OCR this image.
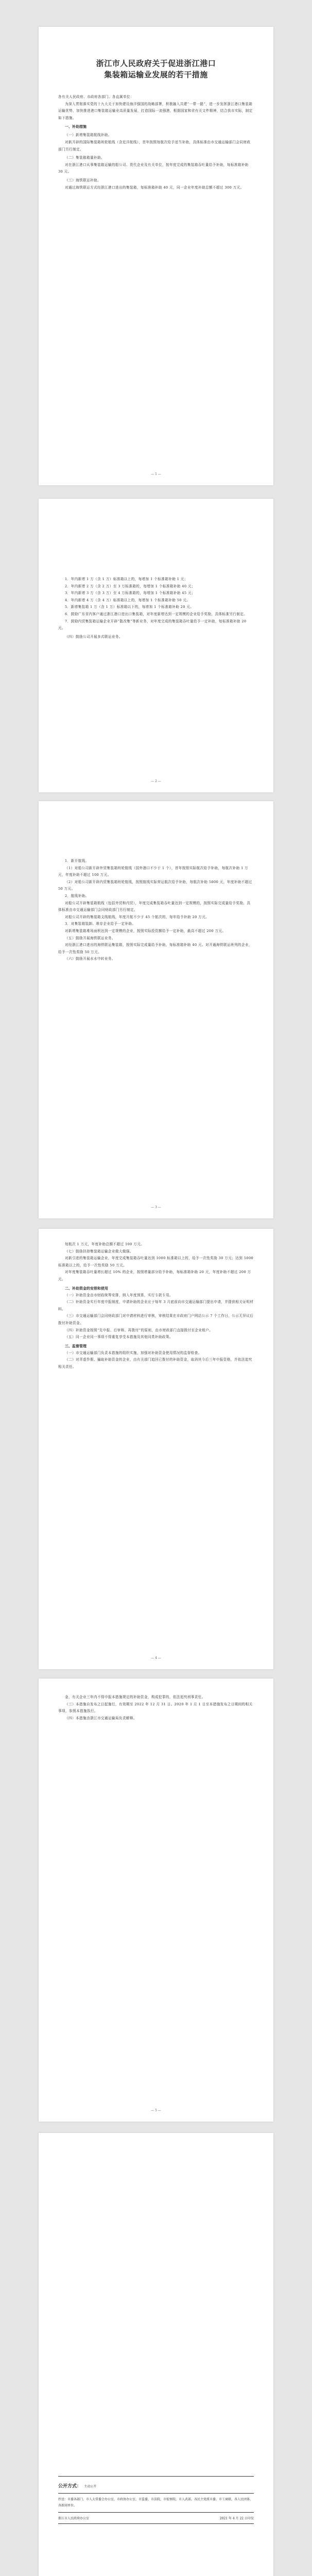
浙江市人民政府关于促进浙江港口

集装箱运输业发展的若干措施

各有关人民政府、市政府各部门、各直属单位：

为深入贯彻落实党的十九大关于加快建设海洋强国的战略部署，积极融入共建“一带一路”，进一步发挥浙江港口集装箱运输优势，加快推进港口集装箱运输业高质量发展，打造国际一流强港，根据国家和省有关文件精神，结合我市实际，制定如下措施。

一、补助措施

（一）新增集装箱航线补助。

对新开辟的国际集装箱班轮航线（含近洋航线），首年按照每航次给予适当补助，具体标准由市交通运输部门会同财政部门另行制定。

（二）集装箱箱量补助。

对在浙江港口从事集装箱运输的船公司、货代企业及有关单位，按年度完成的集装箱吞吐量给予补助，每标准箱补助 30 元。

（三）海铁联运补助。

对通过海铁联运方式经浙江港口进出的集装箱，每标准箱补助 40 元，同一企业年度补助总额不超过 300 万元。

— 1 —

1．年内新增 1 万（含 1 万）标准箱以上的，每增加 1 个标准箱补助 1 元；

2．年内新增 2 万（含 2 万）至 3 万标准箱的，每增加 1 个标准箱补助 40 元；

3．年内新增 3 万（含 3 万）至 4 万标准箱的，每增加 1 个标准箱补助 45 元；

4．年内新增 4 万（含 4 万）标准箱以上的，每增加 1 个标准箱补助 50 元。

5．新增集装箱 1 万（含 1 万）标准箱以下的，每增加 1 个标准箱补助 20 元。

6．鼓励广东省内客户通过浙江港口进出口集装箱，对年度新增达到一定规模的企业给予奖励，具体标准另行制定。

7．鼓励内贸集装箱运输企业开辟“散改集”等新业务，对年度完成的集装箱吞吐量给予一定补助，每标准箱补助 20 元。

（四）鼓励公司开展多式联运业务。

— 2 —

1．新开航线。

（1）对船公司新开辟外贸集装箱班轮航线（国外港口不少于 1 个），首年按照实际航次给予补助，每航次补助 1 万元，年度补助不超过 100 万元。

（2）对船公司新开辟内贸集装箱班轮航线，按照航线实际营运航次给予补助，每航次补助 5000 元，年度补助不超过 50 万元。

2．航线补助。

对船公司开辟集装箱航线（包括外贸和内贸），年度完成集装箱吞吐量达到一定规模的，按照实际完成量给予奖励，具体标准由市交通运输部门会同财政部门另行制定。

对船公司开辟的集装箱支线航线，年度开航不少于 45 个航次的，每年给予补助 20 万元。

3．对集装箱装卸、堆存企业给予一定补助。

对新增集装箱堆场面积达到一定规模的企业，按照实际投资额给予一定补助，最高不超过 200 万元。

（五）鼓励开展海铁联运业务。

对经浙江港口进出的海铁联运集装箱，按照实际完成量给予补助，每标准箱补助 40 元。对开通海铁联运班列的企业，给予一次性奖励 50 万元。

（六）鼓励开展水水中转业务。

— 3 —

每航次 1 万元，年度补助总额不超过 100 万元。

（七）鼓励扶持集装箱运输企业做大做强。

对新引进的集装箱运输企业，年度完成集装箱吞吐量达到 1000 标准箱以上的，给予一次性奖励 30 万元；达到 5000 标准箱以上的，给予一次性奖励 50 万元。

对年度集装箱吞吐量增长超过 10% 的企业，按照增量部分给予补助，每标准箱补助 20 元，年度补助不超过 200 万元。

二、补助资金的安排和使用

（一）补助资金由市财政统筹安排，纳入年度预算，实行专款专用。

（二）补助资金实行年度申报制度，申请补助的企业应于每年 3 月底前向市交通运输部门提出申请，并提供相关证明材料。

（三）市交通运输部门会同财政部门对申请材料进行审核，审核结果在市政府门户网站公示 7 个工作日，公示无异议后拨付补助资金。

（四）补助资金按照“先申报、后审核、再拨付”的原则，由市财政部门直接拨付至企业账户。

（五）同一企业同一事项不得重复享受本措施及其他同类补助政策。

三、监督管理

（一）市交通运输部门负责本措施的组织实施，加强对补助资金使用情况的监督检查。

（二）对弄虚作假、骗取补助资金的企业，由有关部门追回已拨付的补助资金，取消其今后三年申报资格，并依法追究相关责任。

— 4 —

金，有关企业三年内不得申报本措施规定的补助资金，构成犯罪的，依法追究刑事责任。

（三）本措施自发布之日起施行，有效期至 2022 年 12 月 31 日。2020 年 1 月 1 日至本措施发布之日期间的相关事项，参照本措施执行。

（四）本措施由浙江市交通运输局负责解释。

— 5 —
公开方式： 主动公开
抄送：市委各部门，市人大常委会办公室，市政协办公室，市监委，市法院，市检察院，市人武部，各民主党派市委，市工商联，各人民团体，各新闻单位。
浙江市人民政府办公室	2021 年 4 月 22 日印发
